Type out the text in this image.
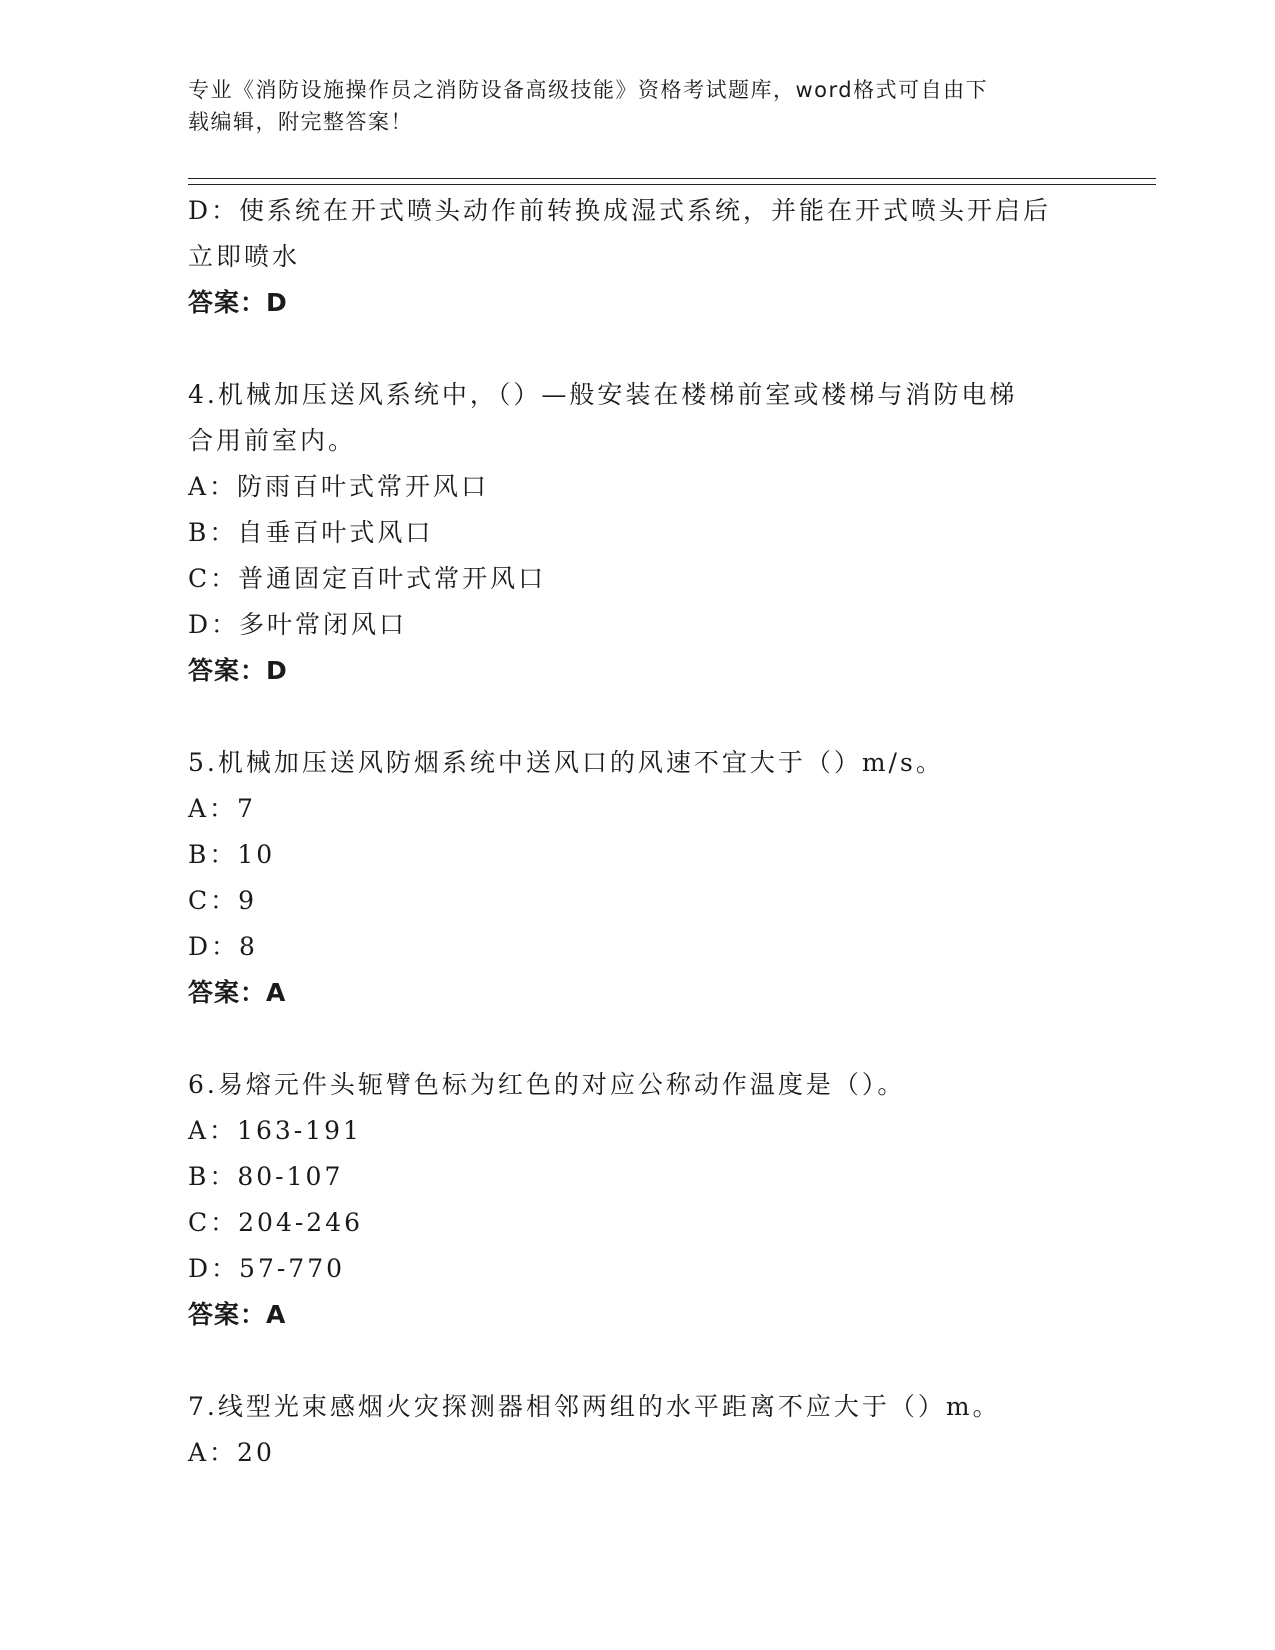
专业《消防设施操作员之消防设备高级技能》资格考试题库，word格式可自由下
载编辑，附完整答案！
D：使系统在开式喷头动作前转换成湿式系统，并能在开式喷头开启后
立即喷水
答案：D
4.机械加压送风系统中，（）—般安装在楼梯前室或楼梯与消防电梯
合用前室内。
A：防雨百叶式常开风口
B：自垂百叶式风口
C：普通固定百叶式常开风口
D：多叶常闭风口
答案：D
5.机械加压送风防烟系统中送风口的风速不宜大于（）m/s。
A：7
B：10
C：9
D：8
答案：A
6.易熔元件头轭臂色标为红色的对应公称动作温度是（）。
A：163-191
B：80-107
C：204-246
D：57-770
答案：A
7.线型光束感烟火灾探测器相邻两组的水平距离不应大于（）m。
A：20
